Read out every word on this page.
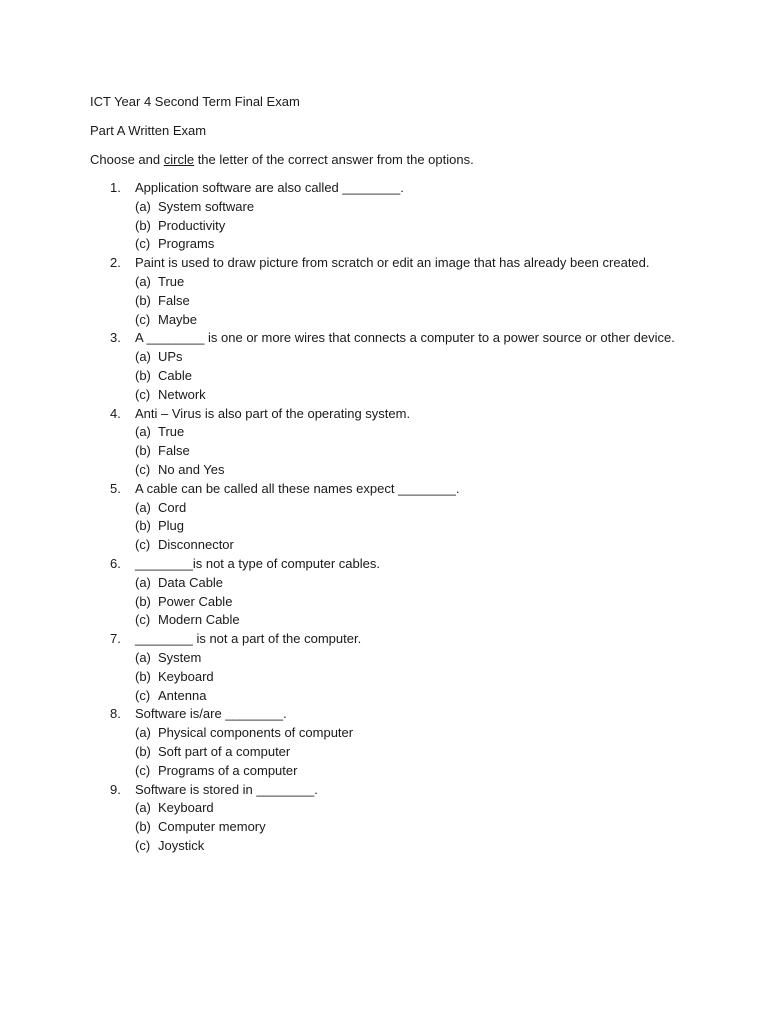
ICT Year 4 Second Term Final Exam
Part A Written Exam
Choose and circle the letter of the correct answer from the options.
1.	Application software are also called ________.
(a) System software
(b) Productivity
(c) Programs
2.	Paint is used to draw picture from scratch or edit an image that has already been created.
(a) True
(b) False
(c) Maybe
3.	A ________ is one or more wires that connects a computer to a power source or other device.
(a) UPs
(b) Cable
(c) Network
4.	Anti – Virus is also part of the operating system.
(a) True
(b) False
(c) No and Yes
5.	A cable can be called all these names expect ________.
(a) Cord
(b) Plug
(c) Disconnector
6.	________is not a type of computer cables.
(a) Data Cable
(b) Power Cable
(c) Modern Cable
7.	________ is not a part of the computer.
(a) System
(b) Keyboard
(c) Antenna
8.	Software is/are ________.
(a) Physical components of computer
(b) Soft part of a computer
(c) Programs of a computer
9.	Software is stored in ________.
(a) Keyboard
(b) Computer memory
(c) Joystick
